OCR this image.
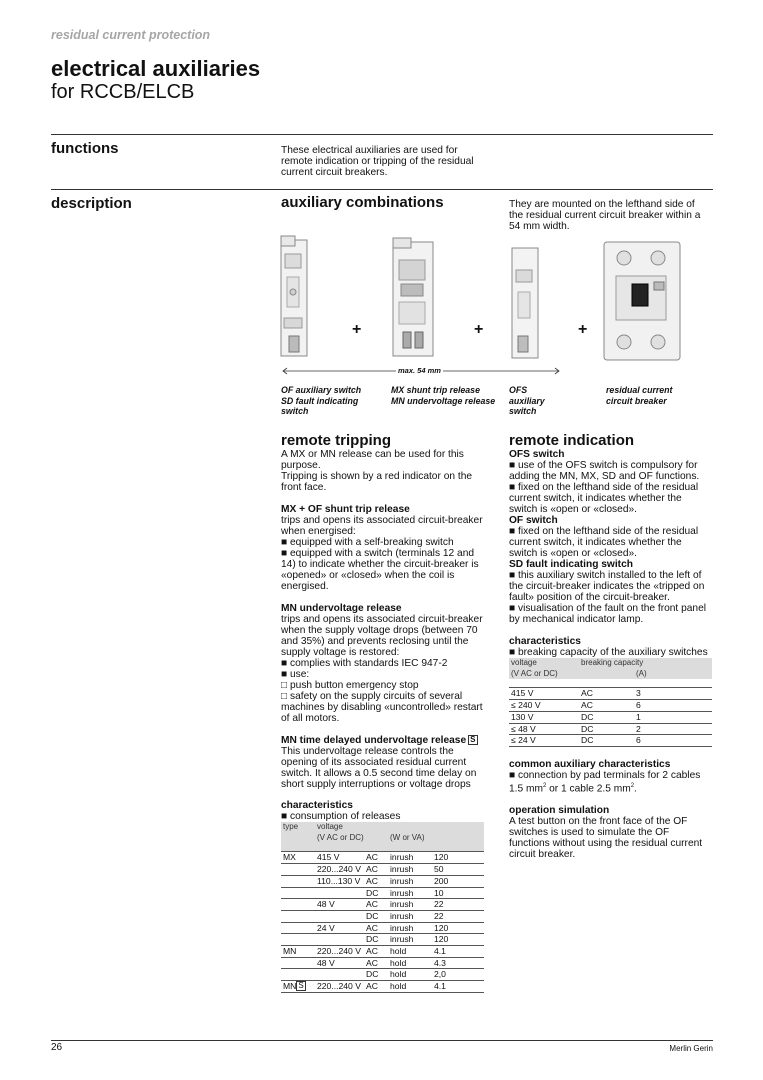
residual current protection
electrical auxiliaries
for RCCB/ELCB
functions	These electrical auxiliaries are used for
remote indication or tripping of the residual
current circuit breakers.
description	auxiliary combinations	They are mounted on the lefthand side of
the residual current circuit breaker within a
54 mm width.
+	+	+
max. 54 mm
OF auxiliary switch
SD fault indicating
switch
MX shunt trip release
MN undervoltage release
OFS
auxiliary
switch
residual current
circuit breaker
remote tripping
A MX or MN release can be used for this
purpose.
Tripping is shown by a red indicator on the
front face.
MX + OF shunt trip release
trips and opens its associated circuit-breaker
when energised:
■ equipped with a self-breaking switch
■ equipped with a switch (terminals 12 and
14) to indicate whether the circuit-breaker is
«opened» or «closed» when the coil is
energised.
MN undervoltage release
trips and opens its associated circuit-breaker
when the supply voltage drops (between 70
and 35%) and prevents reclosing until the
supply voltage is restored:
■ complies with standards IEC 947-2
■ use:
□ push button emergency stop
□ safety on the supply circuits of several
machines by disabling «uncontrolled» restart
of all motors.
MN time delayed undervoltage release S
This undervoltage release controls the
opening of its associated residual current
switch. It allows a 0.5 second time delay on
short supply interruptions or voltage drops
characteristics
■ consumption of releases
type	voltage			
	(V AC or DC)		(W or VA)	

MX	415 V	AC	inrush	120
	220...240 V	AC	inrush	50
	110...130 V	AC	inrush	200
		DC	inrush	10
	48 V	AC	inrush	22
		DC	inrush	22
	24 V	AC	inrush	120
		DC	inrush	120
MN	220...240 V	AC	hold	4.1
	48 V	AC	hold	4.3
		DC	hold	2,0
MN S	220...240 V	AC	hold	4.1
remote indication
OFS switch
■ use of the OFS switch is compulsory for
adding the MN, MX, SD and OF functions.
■ fixed on the lefthand side of the residual
current switch, it indicates whether the
switch is «open or «closed».
OF switch
■ fixed on the lefthand side of the residual
current switch, it indicates whether the
switch is «open or «closed».
SD fault indicating switch
■ this auxiliary switch installed to the left of
the circuit-breaker indicates the «tripped on
fault» position of the circuit-breaker.
■ visualisation of the fault on the front panel
by mechanical indicator lamp.
characteristics
■ breaking capacity of the auxiliary switches
voltage	breaking capacity	
(V AC or DC)		(A)

415 V	AC	3
≤ 240 V	AC	6
130 V	DC	1
≤ 48 V	DC	2
≤ 24 V	DC	6
common auxiliary characteristics
■ connection by pad terminals for 2 cables
1.5 $mm^2$ or 1 cable 2.5 $mm^2$.
operation simulation
A test button on the front face of the OF
switches is used to simulate the OF
functions without using the residual current
circuit breaker.
26	Merlin Gerin
